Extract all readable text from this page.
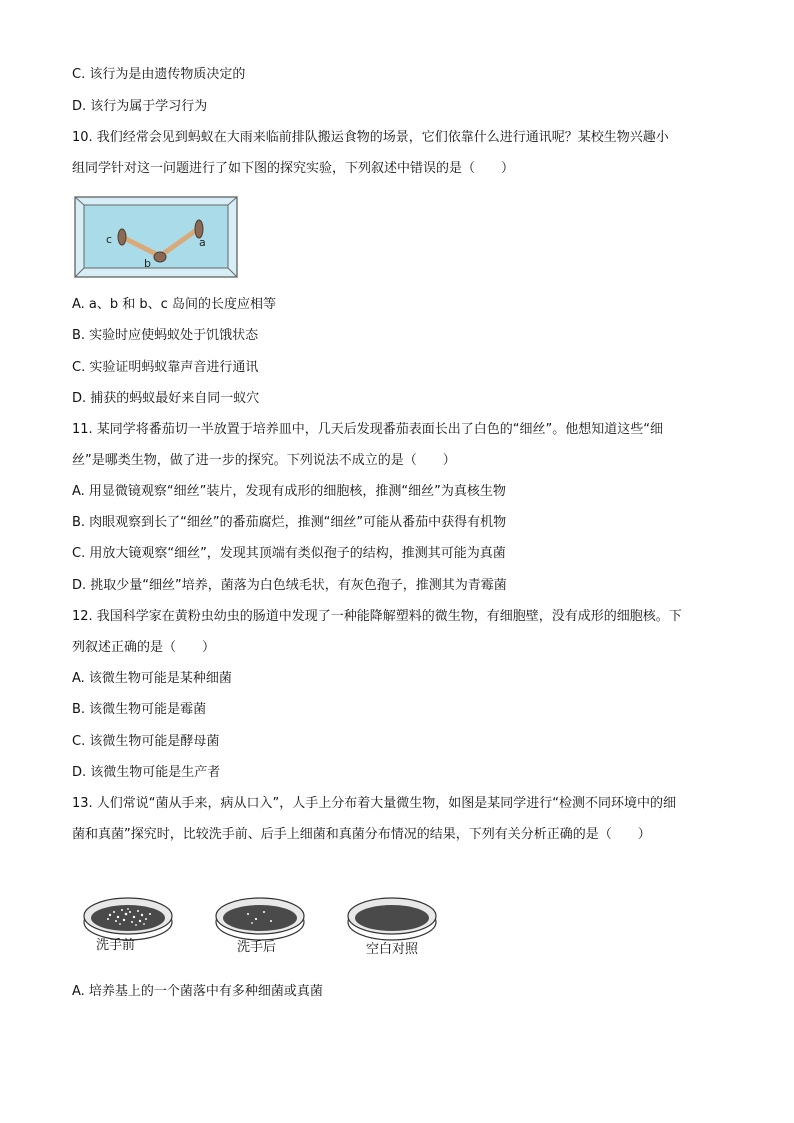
C. 该行为是由遗传物质决定的
D. 该行为属于学习行为
10. 我们经常会见到蚂蚁在大雨来临前排队搬运食物的场景，它们依靠什么进行通讯呢？某校生物兴趣小
组同学针对这一问题进行了如下图的探究实验，下列叙述中错误的是（　　）
c
b
a
A. a、b 和 b、c 岛间的长度应相等
B. 实验时应使蚂蚁处于饥饿状态
C. 实验证明蚂蚁靠声音进行通讯
D. 捕获的蚂蚁最好来自同一蚁穴
11. 某同学将番茄切一半放置于培养皿中，几天后发现番茄表面长出了白色的“细丝”。他想知道这些“细
丝”是哪类生物，做了进一步的探究。下列说法不成立的是（　　）
A. 用显微镜观察“细丝”装片，发现有成形的细胞核，推测“细丝”为真核生物
B. 肉眼观察到长了“细丝”的番茄腐烂，推测“细丝”可能从番茄中获得有机物
C. 用放大镜观察“细丝”，发现其顶端有类似孢子的结构，推测其可能为真菌
D. 挑取少量“细丝”培养，菌落为白色绒毛状，有灰色孢子，推测其为青霉菌
12. 我国科学家在黄粉虫幼虫的肠道中发现了一种能降解塑料的微生物，有细胞壁，没有成形的细胞核。下
列叙述正确的是（　　）
A. 该微生物可能是某种细菌
B. 该微生物可能是霉菌
C. 该微生物可能是酵母菌
D. 该微生物可能是生产者
13. 人们常说“菌从手来，病从口入”，人手上分布着大量微生物，如图是某同学进行“检测不同环境中的细
菌和真菌”探究时，比较洗手前、后手上细菌和真菌分布情况的结果，下列有关分析正确的是（　　）
洗手前	洗手后	空白对照
A. 培养基上的一个菌落中有多种细菌或真菌
